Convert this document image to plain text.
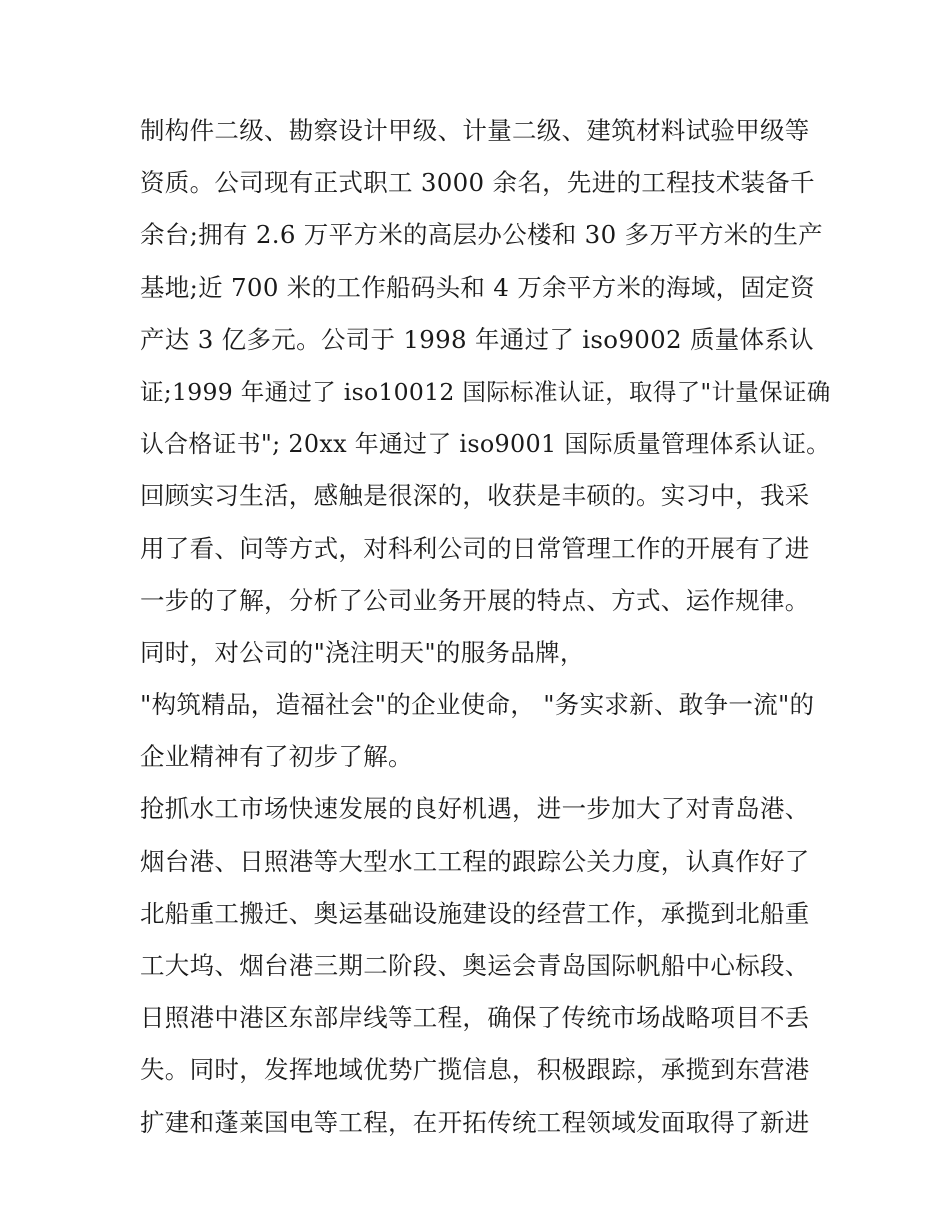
制构件二级、勘察设计甲级、计量二级、建筑材料试验甲级等
资质。公司现有正式职工 3000 余名，先进的工程技术装备千
余台;拥有 2.6 万平方米的高层办公楼和 30 多万平方米的生产
基地;近 700 米的工作船码头和 4 万余平方米的海域，固定资
产达 3 亿多元。公司于 1998 年通过了 iso9002 质量体系认
证;1999 年通过了 iso10012 国际标准认证，取得了"计量保证确
认合格证书"; 20xx 年通过了 iso9001 国际质量管理体系认证。
回顾实习生活，感触是很深的，收获是丰硕的。实习中，我采
用了看、问等方式，对科利公司的日常管理工作的开展有了进
一步的了解，分析了公司业务开展的特点、方式、运作规律。
同时，对公司的"浇注明天"的服务品牌，
"构筑精品，造福社会"的企业使命， "务实求新、敢争一流"的
企业精神有了初步了解。
抢抓水工市场快速发展的良好机遇，进一步加大了对青岛港、
烟台港、日照港等大型水工工程的跟踪公关力度，认真作好了
北船重工搬迁、奥运基础设施建设的经营工作，承揽到北船重
工大坞、烟台港三期二阶段、奥运会青岛国际帆船中心标段、
日照港中港区东部岸线等工程，确保了传统市场战略项目不丢
失。同时，发挥地域优势广揽信息，积极跟踪，承揽到东营港
扩建和蓬莱国电等工程，在开拓传统工程领域发面取得了新进
